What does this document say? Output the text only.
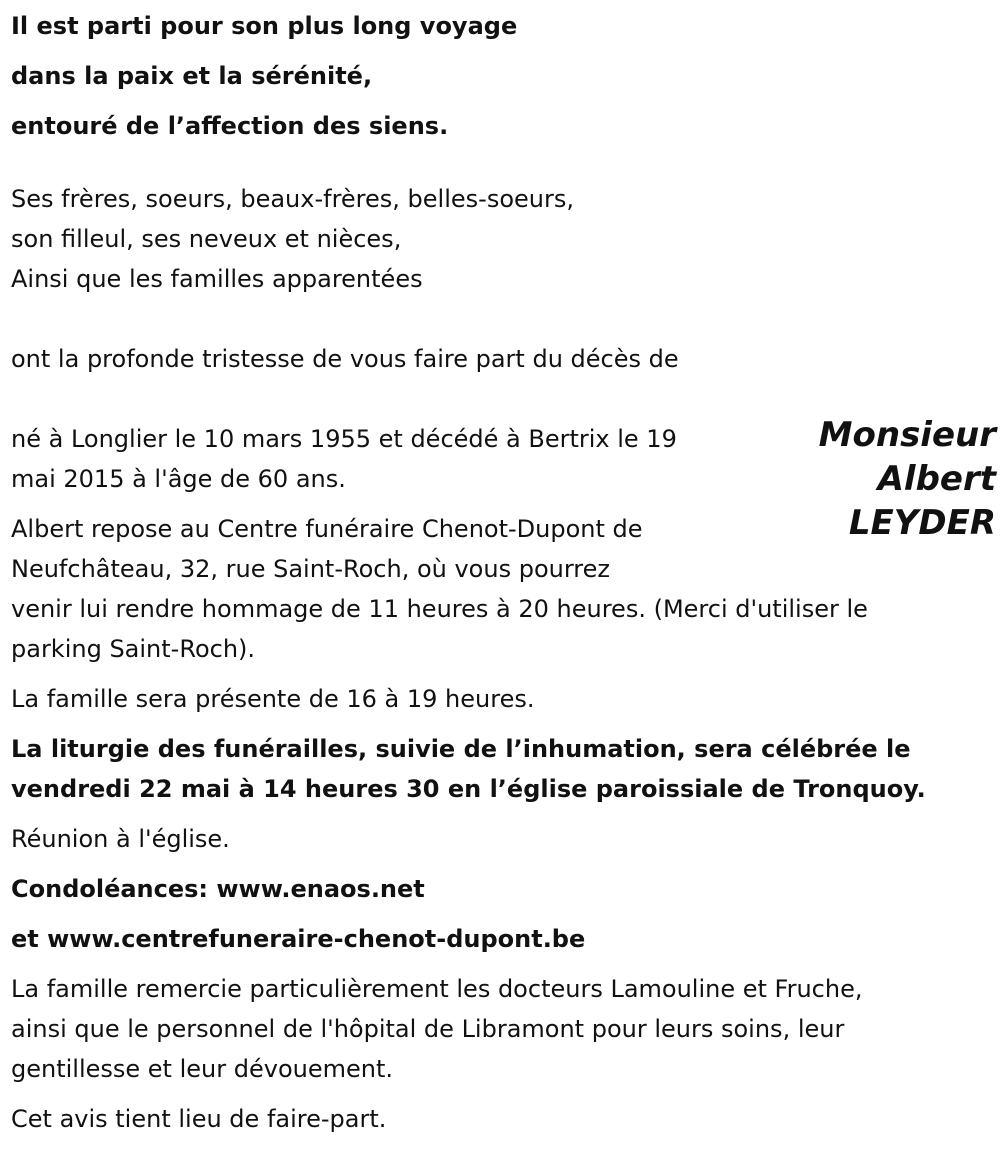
Il est parti pour son plus long voyage
dans la paix et la sérénité,
entouré de l’affection des siens.
Ses frères, soeurs, beaux-frères, belles-soeurs,
son filleul, ses neveux et nièces,
Ainsi que les familles apparentées
ont la profonde tristesse de vous faire part du décès de
Monsieur
Albert
LEYDER
né à Longlier le 10 mars 1955 et décédé à Bertrix le 19
mai 2015 à l'âge de 60 ans.
Albert repose au Centre funéraire Chenot-Dupont de
Neufchâteau, 32, rue Saint-Roch, où vous pourrez
venir lui rendre hommage de 11 heures à 20 heures. (Merci d'utiliser le
parking Saint-Roch).
La famille sera présente de 16 à 19 heures.
La liturgie des funérailles, suivie de l’inhumation, sera célébrée le
vendredi 22 mai à 14 heures 30 en l’église paroissiale de Tronquoy.
Réunion à l'église.
Condoléances: www.enaos.net
et www.centrefuneraire-chenot-dupont.be
La famille remercie particulièrement les docteurs Lamouline et Fruche,
ainsi que le personnel de l'hôpital de Libramont pour leurs soins, leur
gentillesse et leur dévouement.
Cet avis tient lieu de faire-part.
